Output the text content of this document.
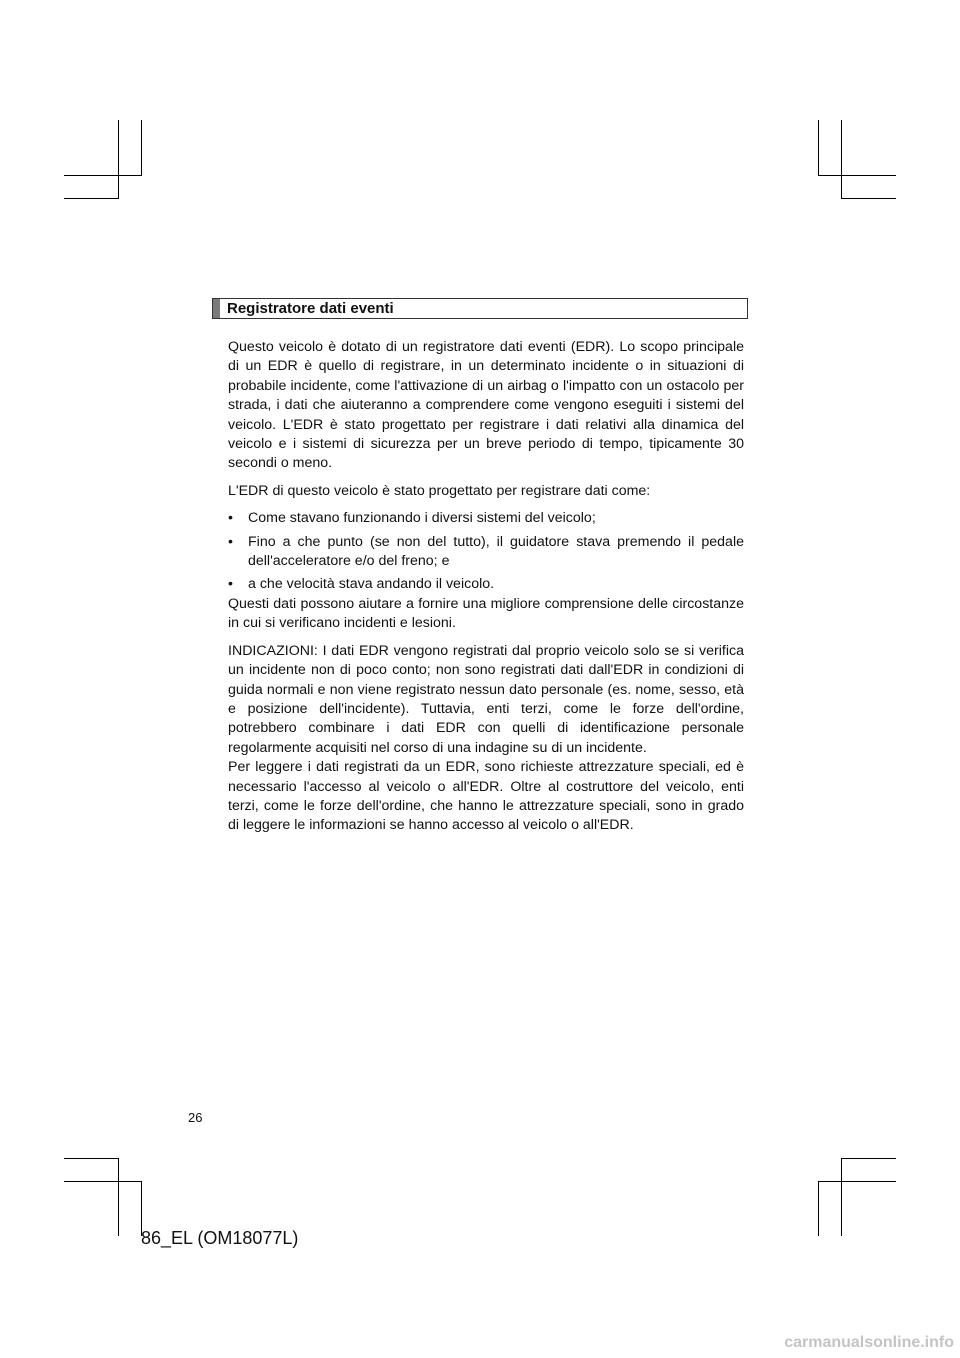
Registratore dati eventi

Questo veicolo è dotato di un registratore dati eventi (EDR). Lo scopo principale di un EDR è quello di registrare, in un determinato incidente o in situazioni di probabile incidente, come l'attivazione di un airbag o l'impatto con un ostacolo per strada, i dati che aiuteranno a comprendere come vengono eseguiti i sistemi del veicolo. L'EDR è stato progettato per registrare i dati relativi alla dinamica del veicolo e i sistemi di sicurezza per un breve periodo di tempo, tipicamente 30 secondi o meno.

L'EDR di questo veicolo è stato progettato per registrare dati come:

• Come stavano funzionando i diversi sistemi del veicolo;
• Fino a che punto (se non del tutto), il guidatore stava premendo il pedale dell'acceleratore e/o del freno; e
• a che velocità stava andando il veicolo.

Questi dati possono aiutare a fornire una migliore comprensione delle circostanze in cui si verificano incidenti e lesioni.

INDICAZIONI: I dati EDR vengono registrati dal proprio veicolo solo se si verifica un incidente non di poco conto; non sono registrati dati dall'EDR in condizioni di guida normali e non viene registrato nessun dato personale (es. nome, sesso, età e posizione dell'incidente). Tuttavia, enti terzi, come le forze dell'ordine, potrebbero combinare i dati EDR con quelli di identificazione personale regolarmente acquisiti nel corso di una indagine su di un incidente.

Per leggere i dati registrati da un EDR, sono richieste attrezzature speciali, ed è necessario l'accesso al veicolo o all'EDR. Oltre al costruttore del veicolo, enti terzi, come le forze dell'ordine, che hanno le attrezzature speciali, sono in grado di leggere le informazioni se hanno accesso al veicolo o all'EDR.

26
86_EL (OM18077L)
carmanualsonline.info
